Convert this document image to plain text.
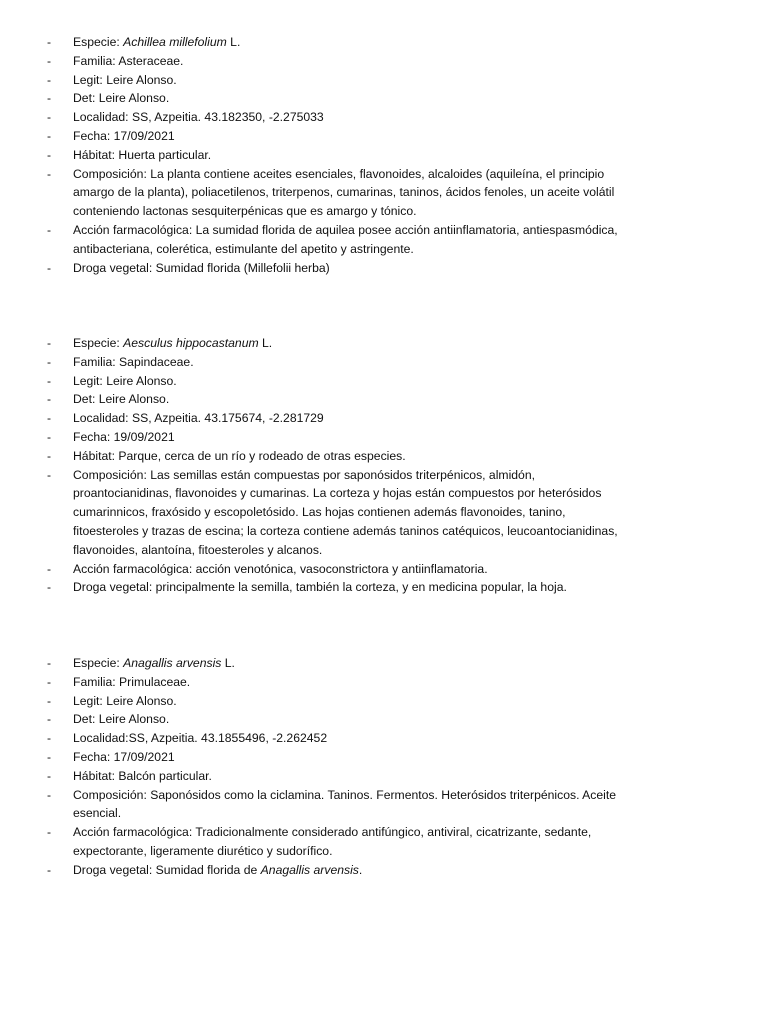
- Especie: Achillea millefolium L.
- Familia: Asteraceae.
- Legit: Leire Alonso.
- Det: Leire Alonso.
- Localidad: SS, Azpeitia. 43.182350, -2.275033
- Fecha: 17/09/2021
- Hábitat: Huerta particular.
- Composición: La planta contiene aceites esenciales, flavonoides, alcaloides (aquileína, el principio
amargo de la planta), poliacetilenos, triterpenos, cumarinas, taninos, ácidos fenoles, un aceite volátil
conteniendo lactonas sesquiterpénicas que es amargo y tónico.
- Acción farmacológica: La sumidad florida de aquilea posee acción antiinflamatoria, antiespasmódica,
antibacteriana, colerética, estimulante del apetito y astringente.
- Droga vegetal: Sumidad florida (Millefolii herba)
- Especie: Aesculus hippocastanum L.
- Familia: Sapindaceae.
- Legit: Leire Alonso.
- Det: Leire Alonso.
- Localidad: SS, Azpeitia. 43.175674, -2.281729
- Fecha: 19/09/2021
- Hábitat: Parque, cerca de un río y rodeado de otras especies.
- Composición: Las semillas están compuestas por saponósidos triterpénicos, almidón,
proantocianidinas, flavonoides y cumarinas. La corteza y hojas están compuestos por heterósidos
cumarinnicos, fraxósido y escopoletósido. Las hojas contienen además flavonoides, tanino,
fitoesteroles y trazas de escina; la corteza contiene además taninos catéquicos, leucoantocianidinas,
flavonoides, alantoína, fitoesteroles y alcanos.
- Acción farmacológica: acción venotónica, vasoconstrictora y antiinflamatoria.
- Droga vegetal: principalmente la semilla, también la corteza, y en medicina popular, la hoja.
- Especie: Anagallis arvensis L.
- Familia: Primulaceae.
- Legit: Leire Alonso.
- Det: Leire Alonso.
- Localidad:SS, Azpeitia. 43.1855496, -2.262452
- Fecha: 17/09/2021
- Hábitat: Balcón particular.
- Composición: Saponósidos como la ciclamina. Taninos. Fermentos. Heterósidos triterpénicos. Aceite
esencial.
- Acción farmacológica: Tradicionalmente considerado antifúngico, antiviral, cicatrizante, sedante,
expectorante, ligeramente diurético y sudorífico.
- Droga vegetal: Sumidad florida de Anagallis arvensis.
